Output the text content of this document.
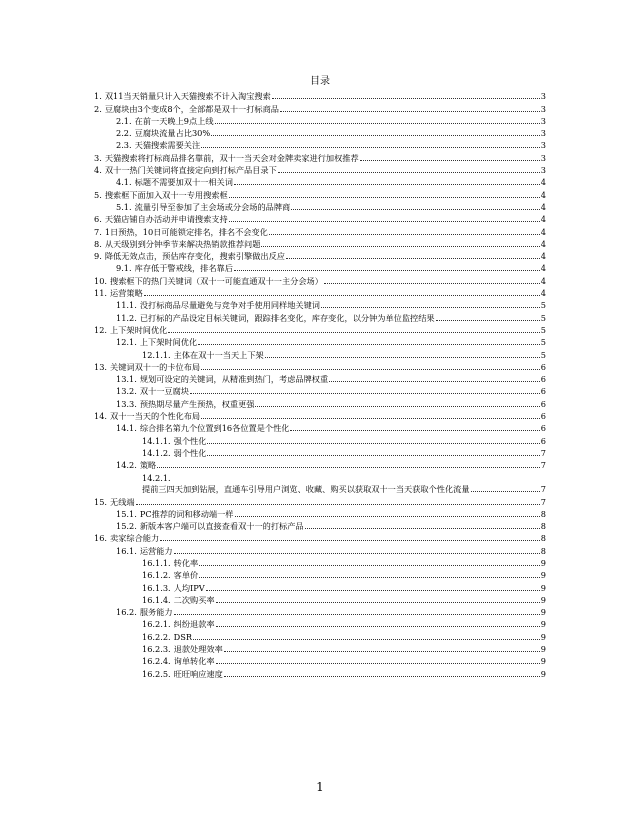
目录
1. 双11当天销量只计入天猫搜索不计入淘宝搜索	3
2. 豆腐块由3个变成8个，全部都是双十一打标商品	3
2.1. 在前一天晚上9点上线	3
2.2. 豆腐块流量占比30%	3
2.3. 天猫搜索需要关注	3
3. 天猫搜索将打标商品排名靠前，双十一当天会对金牌卖家进行加权推荐	3
4. 双十一热门关键词将直接定向到打标产品目录下	3
4.1. 标题不需要加双十一相关词	4
5. 搜索框下面加入双十一专用搜索框	4
5.1. 流量引导至参加了主会场或分会场的品牌商	4
6. 天猫店铺自办活动并申请搜索支持	4
7. 1日预热，10日可能锁定排名，排名不会变化	4
8. 从天级别到分钟季节来解决热销款推荐问题	4
9. 降低无效点击，预估库存变化，搜索引擎做出反应	4
9.1. 库存低于警戒线，排名靠后	4
10. 搜索框下的热门关键词（双十一可能直通双十一主分会场）	4
11. 运营策略	4
11.1. 没打标商品尽量避免与竞争对手使用同样地关键词	5
11.2. 已打标的产品设定目标关键词，跟踪排名变化，库存变化，以分钟为单位监控结果	5
12. 上下架时间优化	5
12.1. 上下架时间优化	5
12.1.1. 主体在双十一当天上下架	5
13. 关键词双十一的卡位布局	6
13.1. 规划可设定的关键词，从精准到热门，考虑品牌权重	6
13.2. 双十一豆腐块	6
13.3. 预热期尽量产生预热，权重更强	6
14. 双十一当天的个性化布局	6
14.1. 综合排名第九个位置到16各位置是个性化	6
14.1.1. 强个性化	6
14.1.2. 弱个性化	7
14.2. 策略	7
14.2.1.
提前三四天加到钻展，直通车引导用户浏览、收藏、购买以获取双十一当天获取个性化流量	7
15. 无线端	7
15.1. PC推荐的词和移动端一样	8
15.2. 新版本客户端可以直接查看双十一的打标产品	8
16. 卖家综合能力	8
16.1. 运营能力	8
16.1.1. 转化率	9
16.1.2. 客单价	9
16.1.3. 人均IPV	9
16.1.4. 二次购买率	9
16.2. 服务能力	9
16.2.1. 纠纷退款率	9
16.2.2. DSR	9
16.2.3. 退款处理效率	9
16.2.4. 询单转化率	9
16.2.5. 旺旺响应速度	9
1
